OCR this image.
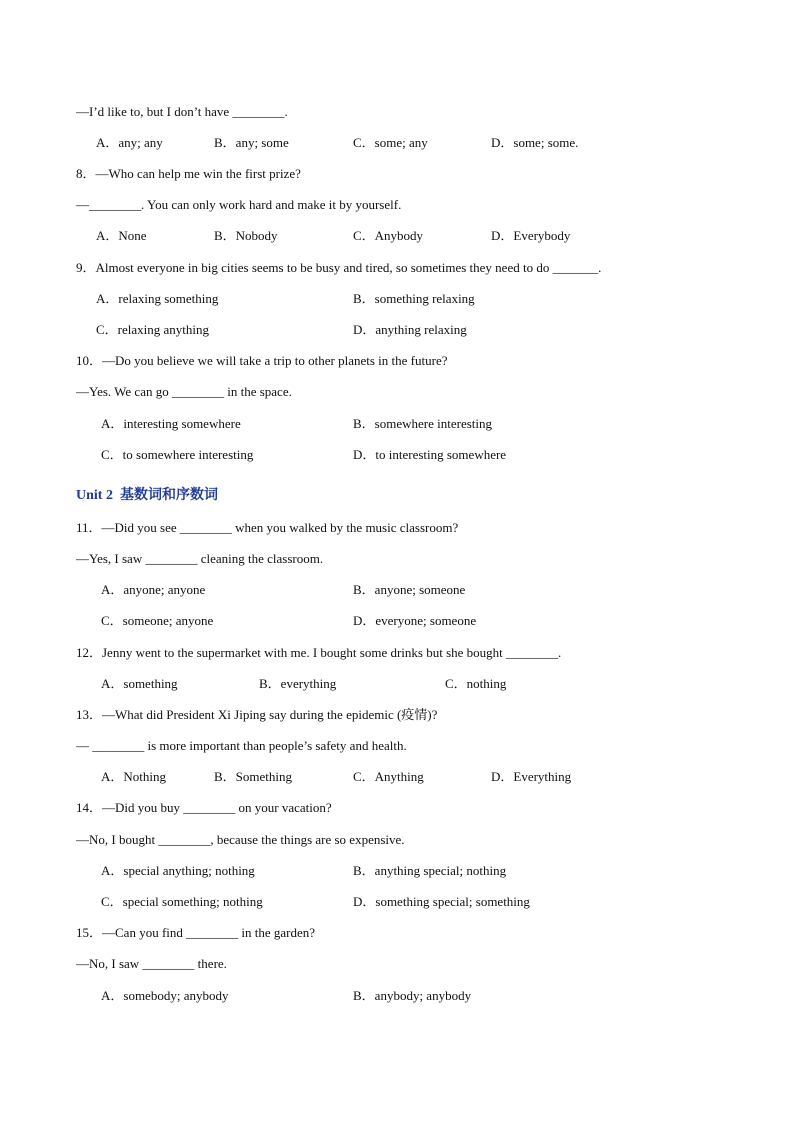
—I’d like to, but I don’t have ________.
A．any; any	B．any; some	C．some; any	D．some; some.
8．—Who can help me win the first prize?
—________. You can only work hard and make it by yourself.
A．None	B．Nobody	C．Anybody	D．Everybody
9．Almost everyone in big cities seems to be busy and tired, so sometimes they need to do _______.
A．relaxing something	B．something relaxing
C．relaxing anything	D．anything relaxing
10．—Do you believe we will take a trip to other planets in the future?
—Yes. We can go ________ in the space.
A．interesting somewhere	B．somewhere interesting
C．to somewhere interesting	D．to interesting somewhere
Unit 2  基数词和序数词
11．—Did you see ________ when you walked by the music classroom?
—Yes, I saw ________ cleaning the classroom.
A．anyone; anyone	B．anyone; someone
C．someone; anyone	D．everyone; someone
12．Jenny went to the supermarket with me. I bought some drinks but she bought ________.
A．something	B．everything	C．nothing
13．—What did President Xi Jiping say during the epidemic (疫情)?
— ________ is more important than people’s safety and health.
A．Nothing	B．Something	C．Anything	D．Everything
14．—Did you buy ________ on your vacation?
—No, I bought ________, because the things are so expensive.
A．special anything; nothing	B．anything special; nothing
C．special something; nothing	D．something special; something
15．—Can you find ________ in the garden?
—No, I saw ________ there.
A．somebody; anybody	B．anybody; anybody
